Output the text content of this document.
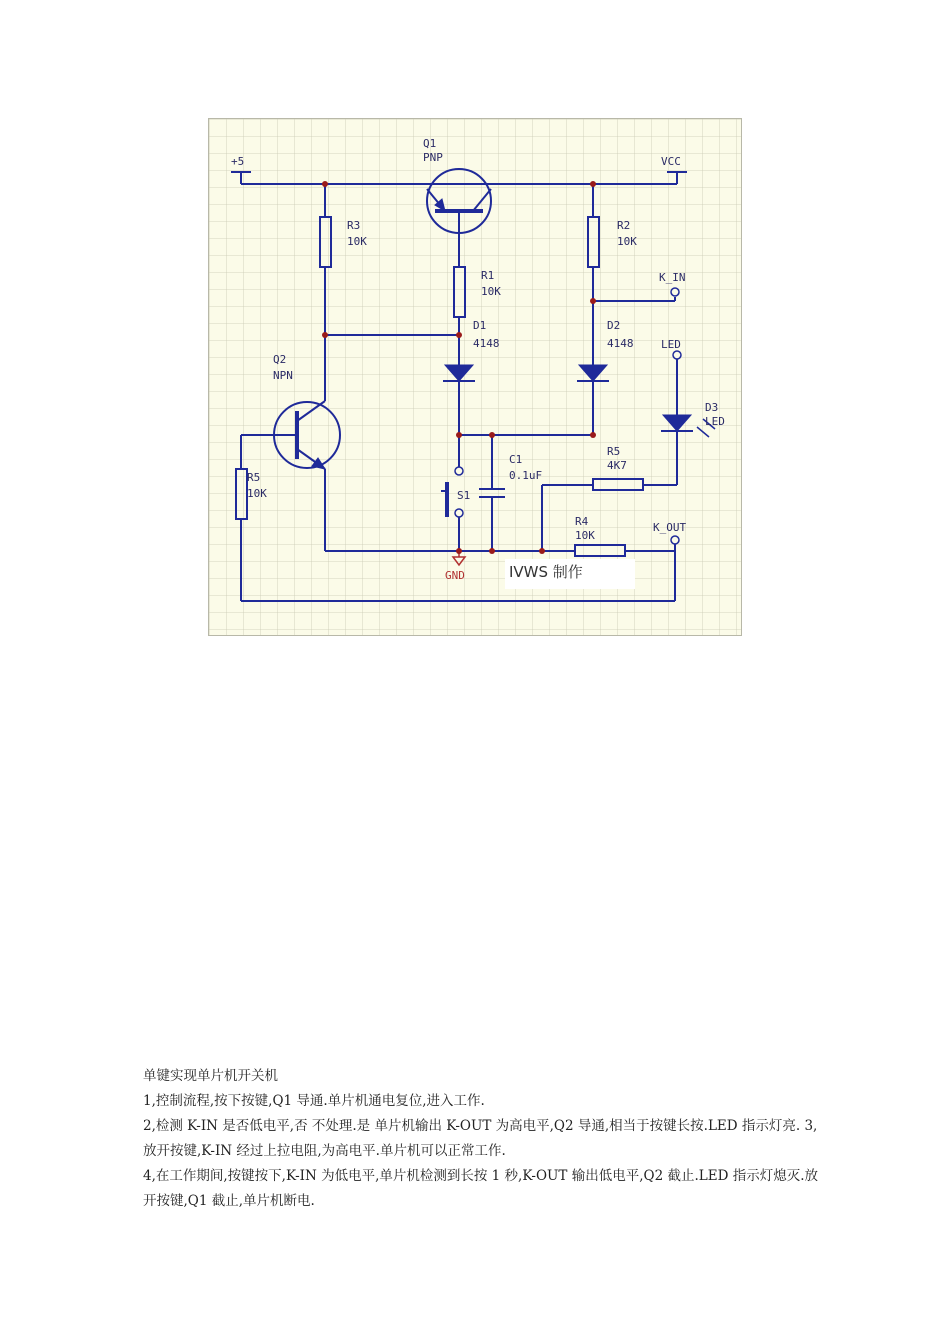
+5	VCC
Q1
PNP
R3
10K
R2
10K
R1
10K
K_IN
D1
4148
D2
4148	LED
D3
LED
Q2
NPN
R5
4K7
C1
0.1uF
S1
R5
10K
R4
10K
K_OUT
GND	IVWS 制作

单键实现单片机开关机

1,控制流程,按下按键,Q1 导通.单片机通电复位,进入工作.

2,检测 K-IN 是否低电平,否 不处理.是 单片机输出 K-OUT 为高电平,Q2 导通,相当于按键长按.LED 指示灯亮. 3,放开按键,K-IN 经过上拉电阻,为高电平.单片机可以正常工作.

4,在工作期间,按键按下,K-IN 为低电平,单片机检测到长按 1 秒,K-OUT 输出低电平,Q2 截止.LED 指示灯熄灭.放开按键,Q1 截止,单片机断电.
